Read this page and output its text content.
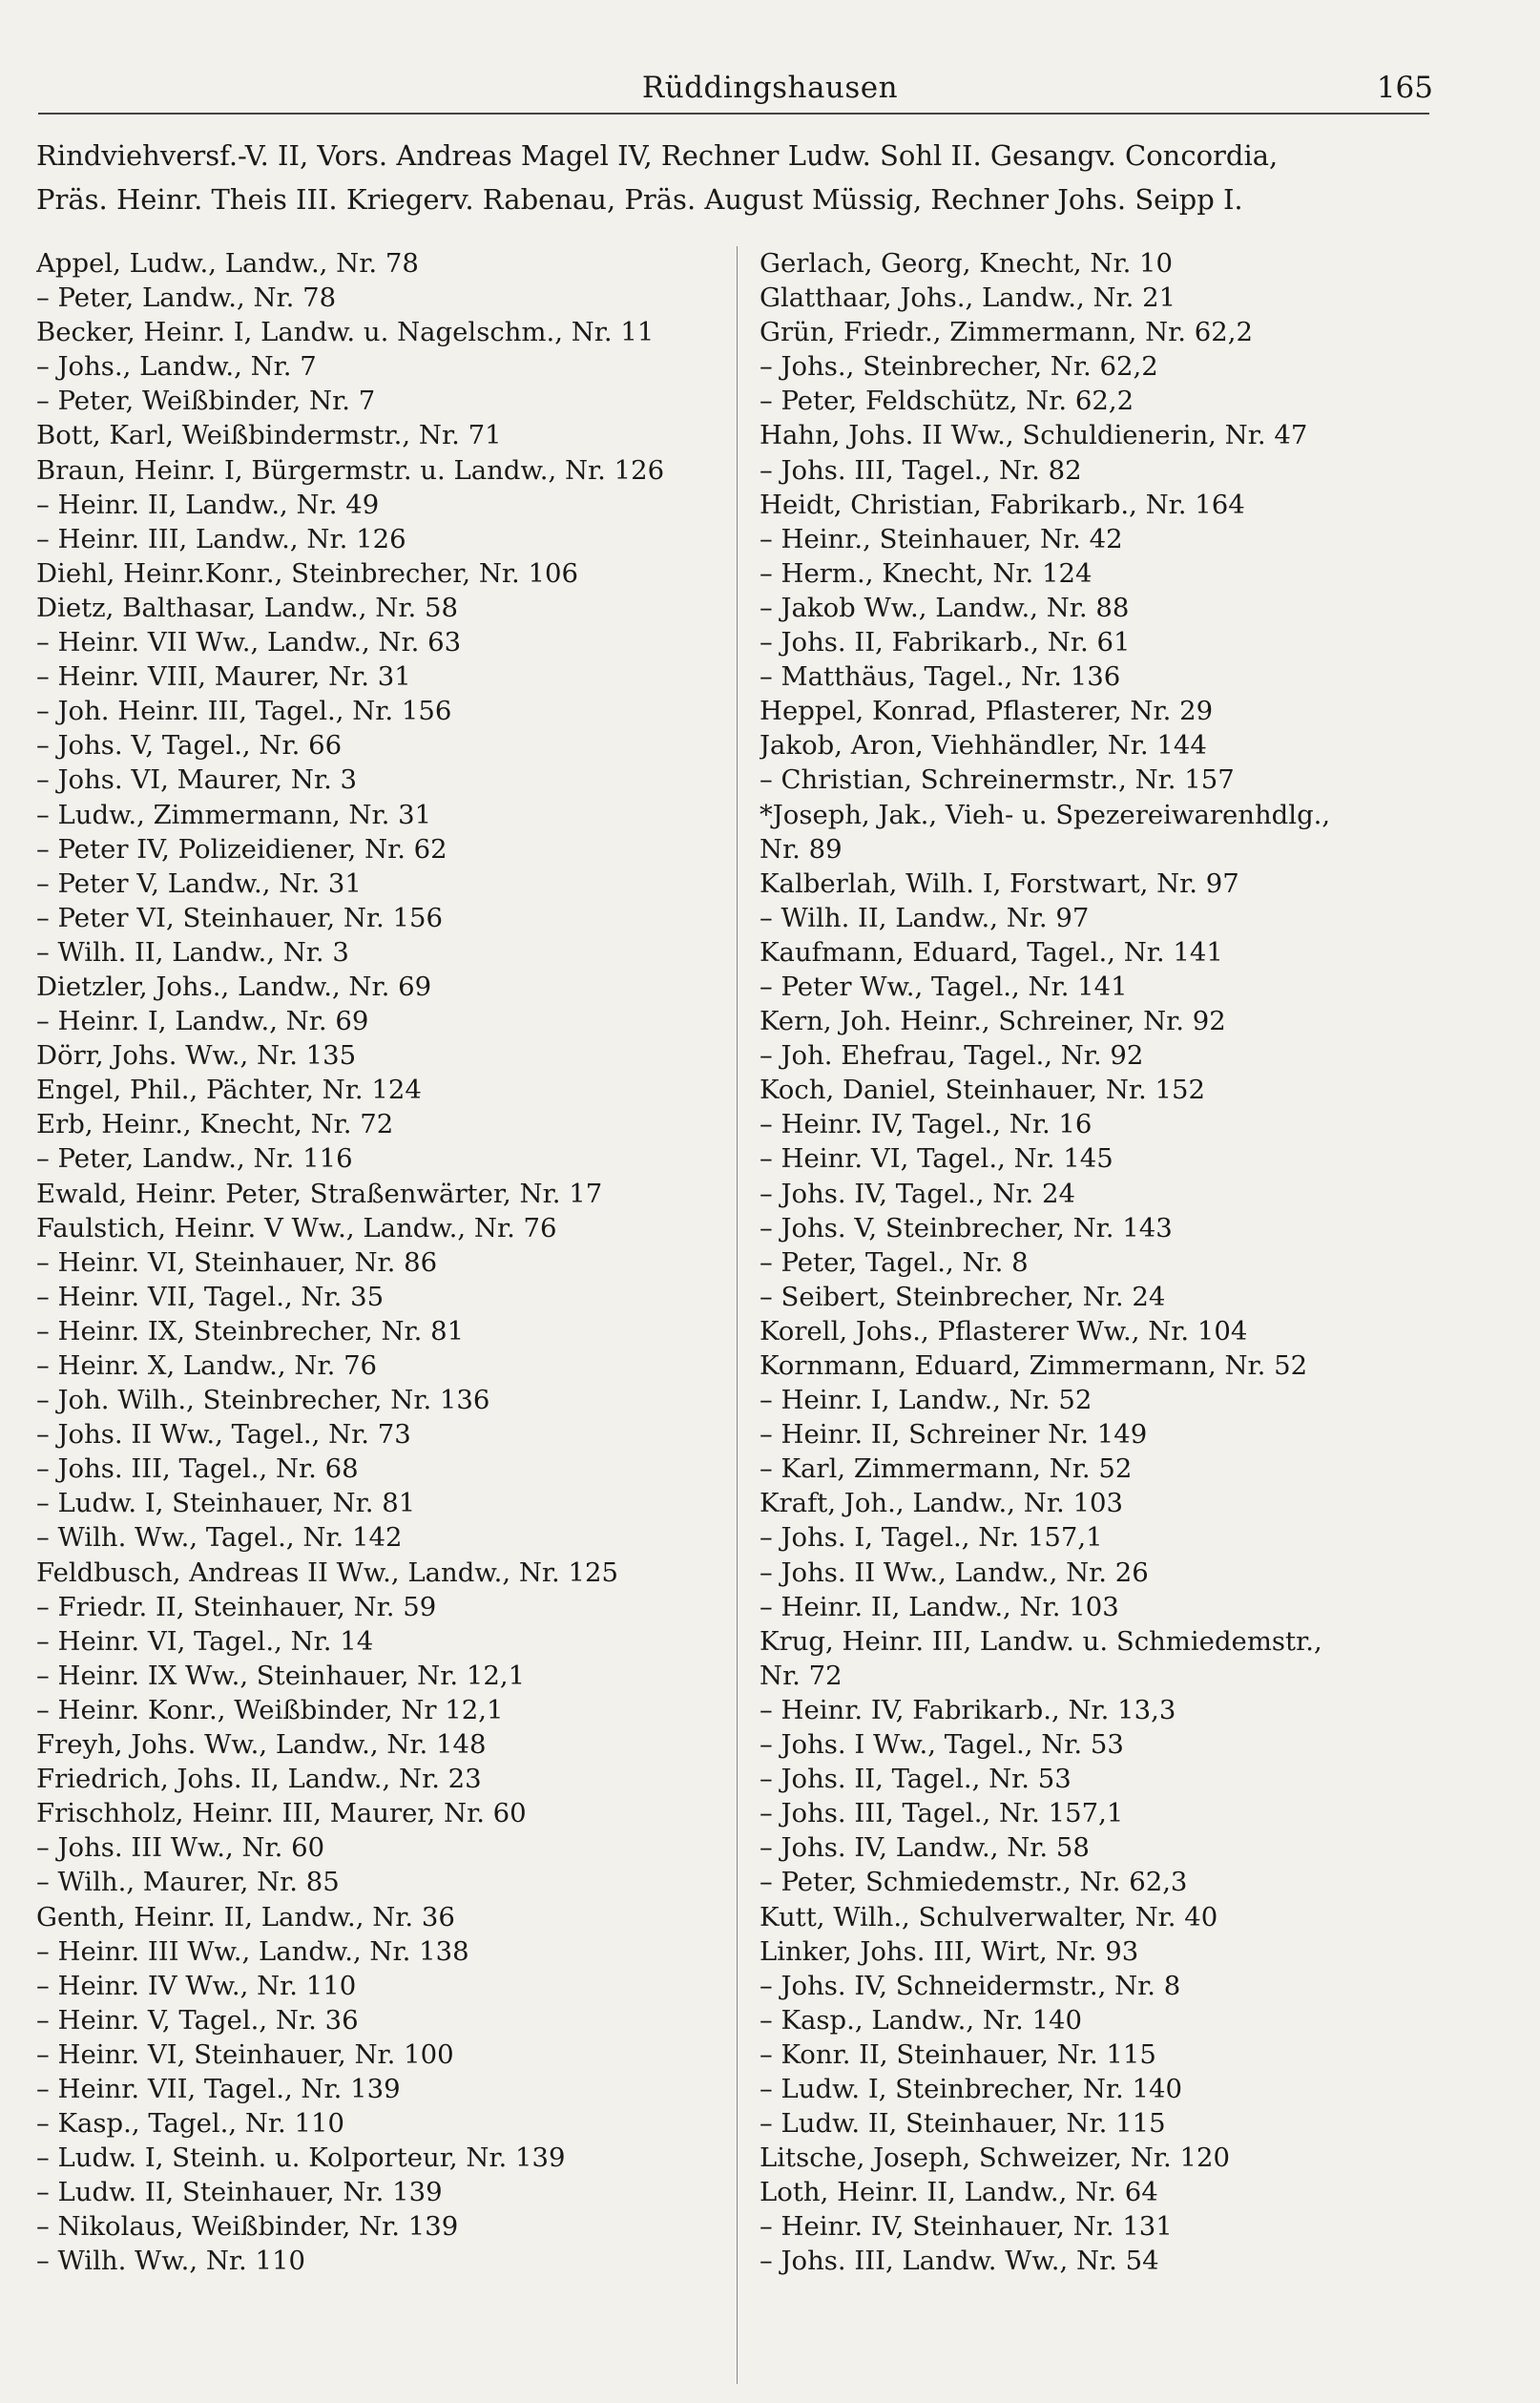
Rüddingshausen	165
Rindviehversf.-V. II, Vors. Andreas Magel IV, Rechner Ludw. Sohl II. Gesangv. Concordia,
Präs. Heinr. Theis III. Kriegerv. Rabenau, Präs. August Müssig, Rechner Johs. Seipp I.
Appel, Ludw., Landw., Nr. 78
– Peter, Landw., Nr. 78
Becker, Heinr. I, Landw. u. Nagelschm., Nr. 11
– Johs., Landw., Nr. 7
– Peter, Weißbinder, Nr. 7
Bott, Karl, Weißbindermstr., Nr. 71
Braun, Heinr. I, Bürgermstr. u. Landw., Nr. 126
– Heinr. II, Landw., Nr. 49
– Heinr. III, Landw., Nr. 126
Diehl, Heinr.Konr., Steinbrecher, Nr. 106
Dietz, Balthasar, Landw., Nr. 58
– Heinr. VII Ww., Landw., Nr. 63
– Heinr. VIII, Maurer, Nr. 31
– Joh. Heinr. III, Tagel., Nr. 156
– Johs. V, Tagel., Nr. 66
– Johs. VI, Maurer, Nr. 3
– Ludw., Zimmermann, Nr. 31
– Peter IV, Polizeidiener, Nr. 62
– Peter V, Landw., Nr. 31
– Peter VI, Steinhauer, Nr. 156
– Wilh. II, Landw., Nr. 3
Dietzler, Johs., Landw., Nr. 69
– Heinr. I, Landw., Nr. 69
Dörr, Johs. Ww., Nr. 135
Engel, Phil., Pächter, Nr. 124
Erb, Heinr., Knecht, Nr. 72
– Peter, Landw., Nr. 116
Ewald, Heinr. Peter, Straßenwärter, Nr. 17
Faulstich, Heinr. V Ww., Landw., Nr. 76
– Heinr. VI, Steinhauer, Nr. 86
– Heinr. VII, Tagel., Nr. 35
– Heinr. IX, Steinbrecher, Nr. 81
– Heinr. X, Landw., Nr. 76
– Joh. Wilh., Steinbrecher, Nr. 136
– Johs. II Ww., Tagel., Nr. 73
– Johs. III, Tagel., Nr. 68
– Ludw. I, Steinhauer, Nr. 81
– Wilh. Ww., Tagel., Nr. 142
Feldbusch, Andreas II Ww., Landw., Nr. 125
– Friedr. II, Steinhauer, Nr. 59
– Heinr. VI, Tagel., Nr. 14
– Heinr. IX Ww., Steinhauer, Nr. 12,1
– Heinr. Konr., Weißbinder, Nr 12,1
Freyh, Johs. Ww., Landw., Nr. 148
Friedrich, Johs. II, Landw., Nr. 23
Frischholz, Heinr. III, Maurer, Nr. 60
– Johs. III Ww., Nr. 60
– Wilh., Maurer, Nr. 85
Genth, Heinr. II, Landw., Nr. 36
– Heinr. III Ww., Landw., Nr. 138
– Heinr. IV Ww., Nr. 110
– Heinr. V, Tagel., Nr. 36
– Heinr. VI, Steinhauer, Nr. 100
– Heinr. VII, Tagel., Nr. 139
– Kasp., Tagel., Nr. 110
– Ludw. I, Steinh. u. Kolporteur, Nr. 139
– Ludw. II, Steinhauer, Nr. 139
– Nikolaus, Weißbinder, Nr. 139
– Wilh. Ww., Nr. 110
Gerlach, Georg, Knecht, Nr. 10
Glatthaar, Johs., Landw., Nr. 21
Grün, Friedr., Zimmermann, Nr. 62,2
– Johs., Steinbrecher, Nr. 62,2
– Peter, Feldschütz, Nr. 62,2
Hahn, Johs. II Ww., Schuldienerin, Nr. 47
– Johs. III, Tagel., Nr. 82
Heidt, Christian, Fabrikarb., Nr. 164
– Heinr., Steinhauer, Nr. 42
– Herm., Knecht, Nr. 124
– Jakob Ww., Landw., Nr. 88
– Johs. II, Fabrikarb., Nr. 61
– Matthäus, Tagel., Nr. 136
Heppel, Konrad, Pflasterer, Nr. 29
Jakob, Aron, Viehhändler, Nr. 144
– Christian, Schreinermstr., Nr. 157
*Joseph, Jak., Vieh- u. Spezereiwarenhdlg.,
Nr. 89
Kalberlah, Wilh. I, Forstwart, Nr. 97
– Wilh. II, Landw., Nr. 97
Kaufmann, Eduard, Tagel., Nr. 141
– Peter Ww., Tagel., Nr. 141
Kern, Joh. Heinr., Schreiner, Nr. 92
– Joh. Ehefrau, Tagel., Nr. 92
Koch, Daniel, Steinhauer, Nr. 152
– Heinr. IV, Tagel., Nr. 16
– Heinr. VI, Tagel., Nr. 145
– Johs. IV, Tagel., Nr. 24
– Johs. V, Steinbrecher, Nr. 143
– Peter, Tagel., Nr. 8
– Seibert, Steinbrecher, Nr. 24
Korell, Johs., Pflasterer Ww., Nr. 104
Kornmann, Eduard, Zimmermann, Nr. 52
– Heinr. I, Landw., Nr. 52
– Heinr. II, Schreiner Nr. 149
– Karl, Zimmermann, Nr. 52
Kraft, Joh., Landw., Nr. 103
– Johs. I, Tagel., Nr. 157,1
– Johs. II Ww., Landw., Nr. 26
– Heinr. II, Landw., Nr. 103
Krug, Heinr. III, Landw. u. Schmiedemstr.,
Nr. 72
– Heinr. IV, Fabrikarb., Nr. 13,3
– Johs. I Ww., Tagel., Nr. 53
– Johs. II, Tagel., Nr. 53
– Johs. III, Tagel., Nr. 157,1
– Johs. IV, Landw., Nr. 58
– Peter, Schmiedemstr., Nr. 62,3
Kutt, Wilh., Schulverwalter, Nr. 40
Linker, Johs. III, Wirt, Nr. 93
– Johs. IV, Schneidermstr., Nr. 8
– Kasp., Landw., Nr. 140
– Konr. II, Steinhauer, Nr. 115
– Ludw. I, Steinbrecher, Nr. 140
– Ludw. II, Steinhauer, Nr. 115
Litsche, Joseph, Schweizer, Nr. 120
Loth, Heinr. II, Landw., Nr. 64
– Heinr. IV, Steinhauer, Nr. 131
– Johs. III, Landw. Ww., Nr. 54
